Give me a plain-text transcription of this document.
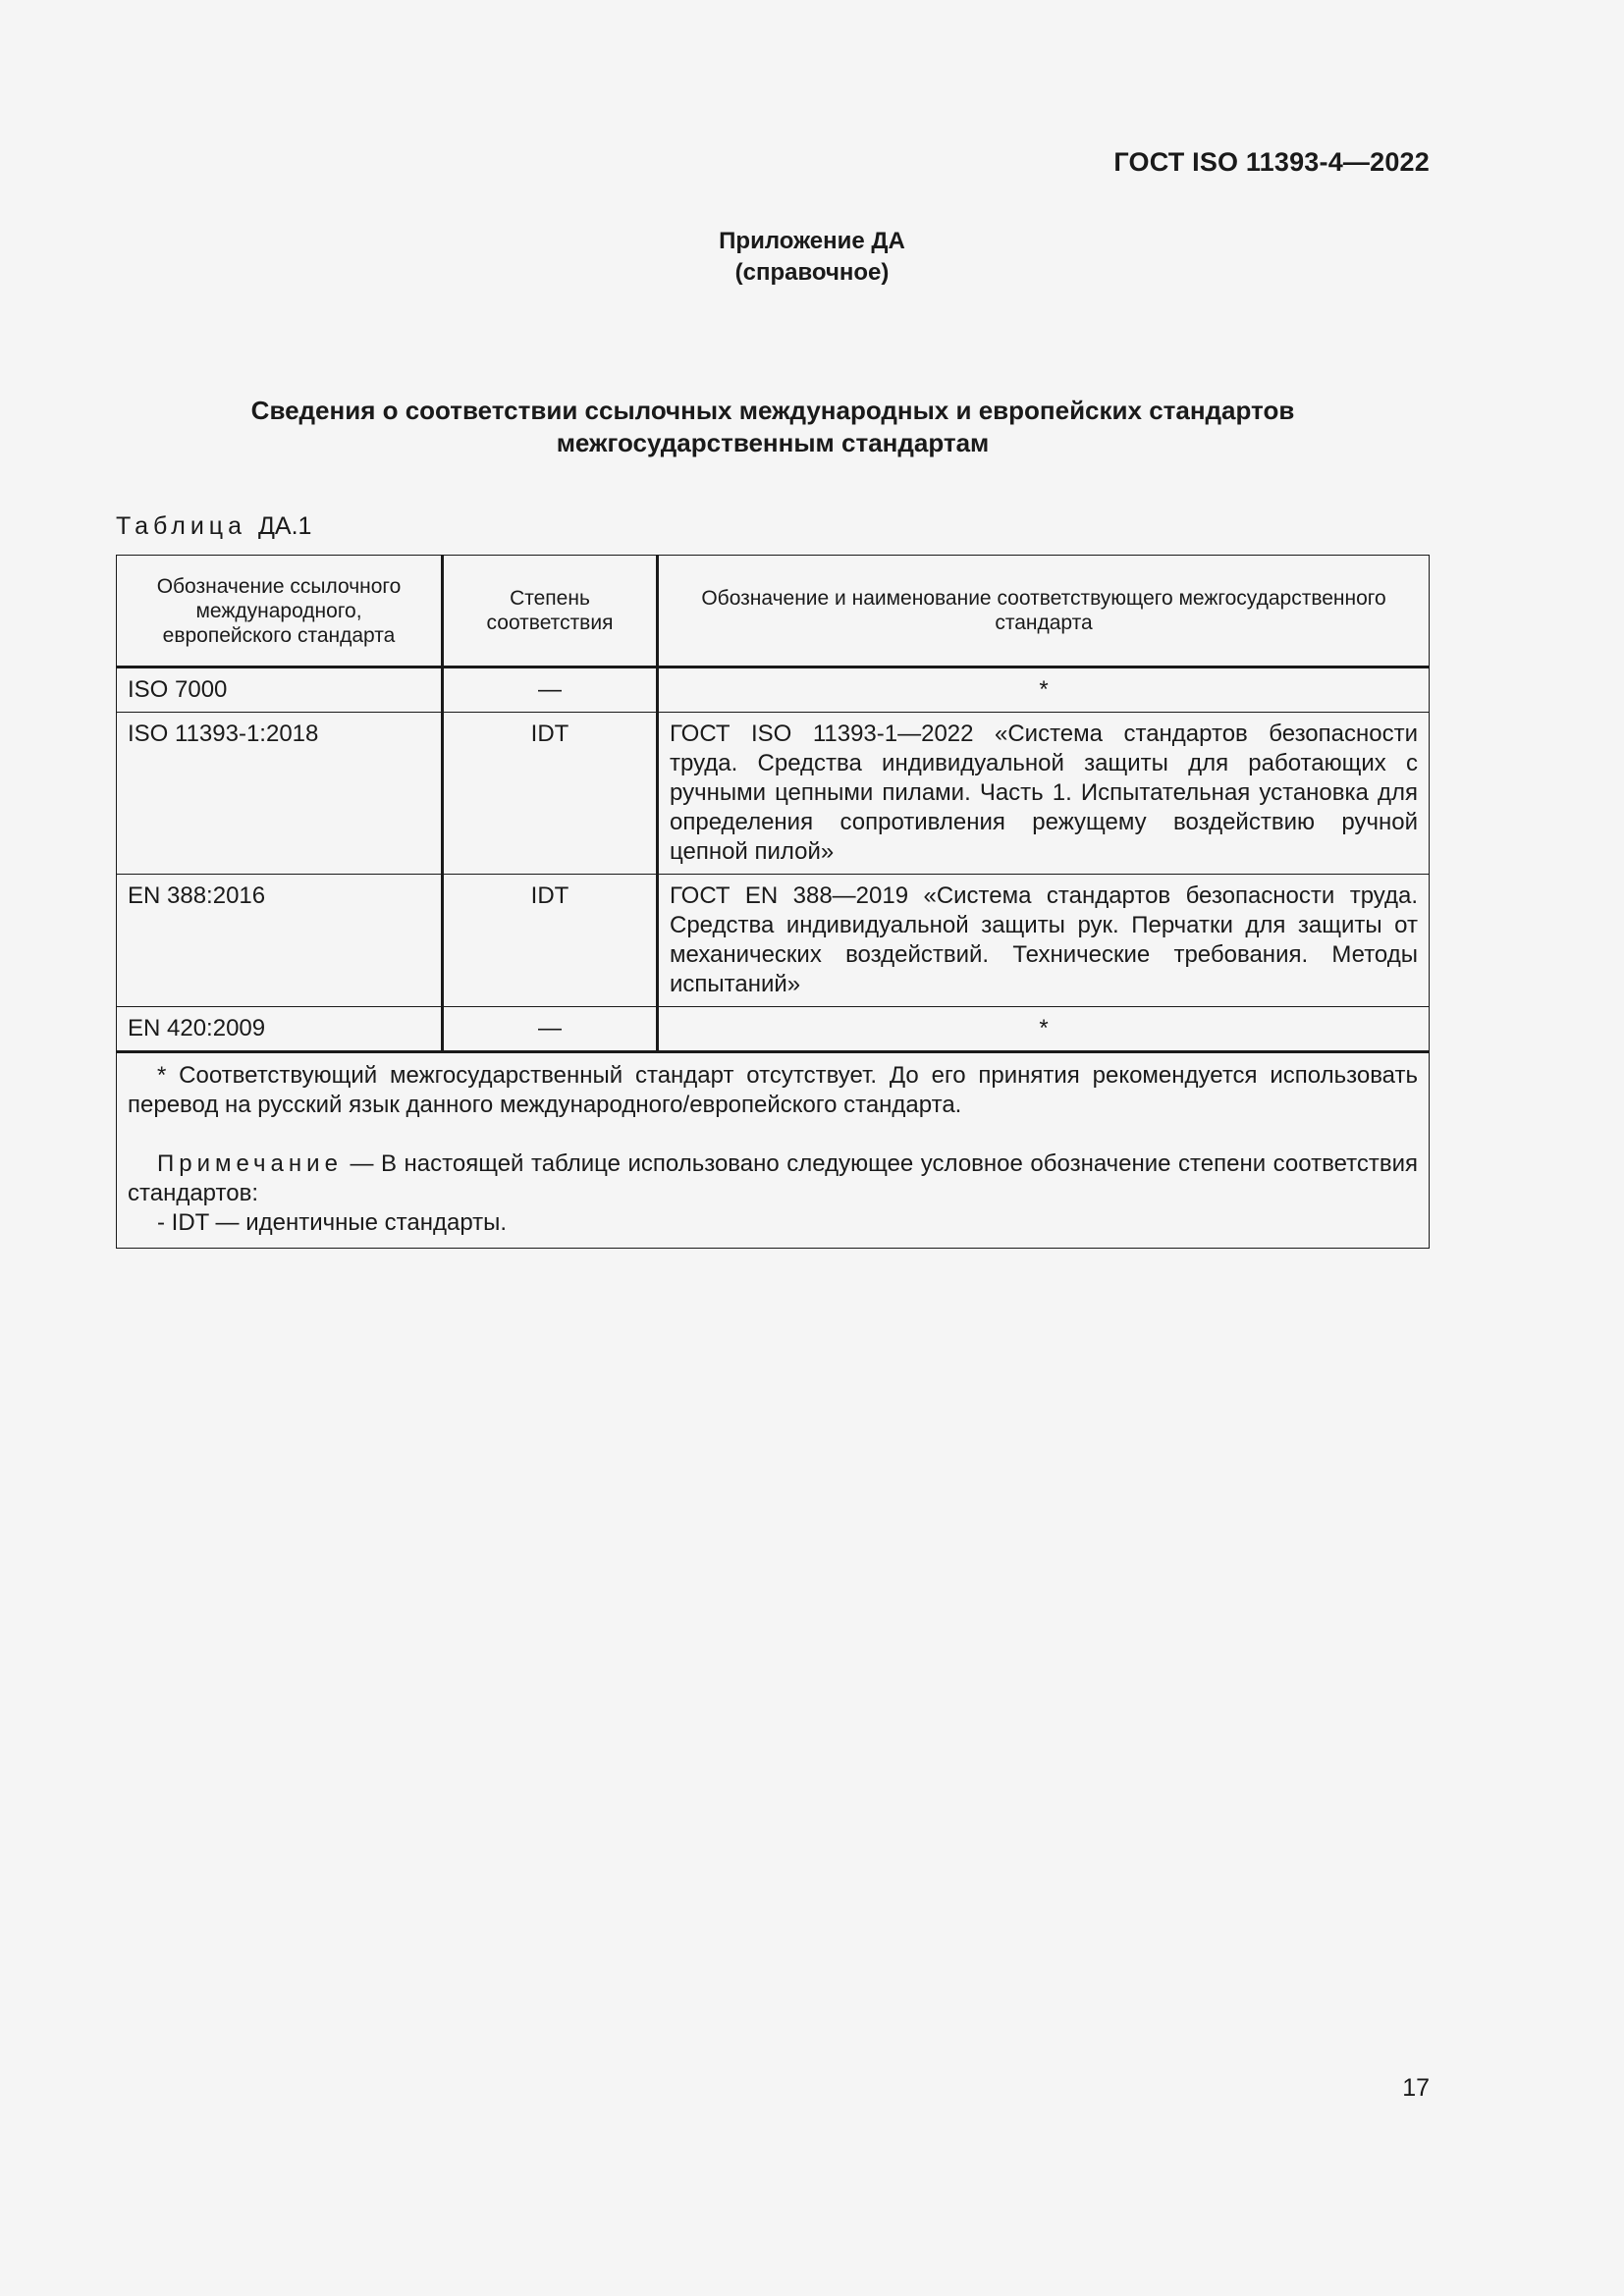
ГОСТ ISO 11393-4—2022
Приложение ДА
(справочное)
Сведения о соответствии ссылочных международных и европейских стандартов
межгосударственным стандартам
Таблица ДА.1
Обозначение ссылочного международного, европейского стандарта	Степень соответствия	Обозначение и наименование соответствующего межгосударственного стандарта
ISO 7000	—	*
ISO 11393-1:2018	IDT	ГОСТ ISO 11393-1—2022 «Система стандартов безопасности труда. Средства индивидуальной защиты для работающих с ручными цепными пилами. Часть 1. Испытательная установка для определения сопротивления режущему воздействию ручной цепной пилой»
EN 388:2016	IDT	ГОСТ EN 388—2019 «Система стандартов безопасности труда. Средства индивидуальной защиты рук. Перчатки для защиты от механических воздействий. Технические требования. Методы испытаний»
EN 420:2009	—	*

* Соответствующий межгосударственный стандарт отсутствует. До его принятия рекомендуется использовать перевод на русский язык данного международного/европейского стандарта.
Примечание — В настоящей таблице использовано следующее условное обозначение степени соответствия стандартов:
- IDT — идентичные стандарты.		
17
